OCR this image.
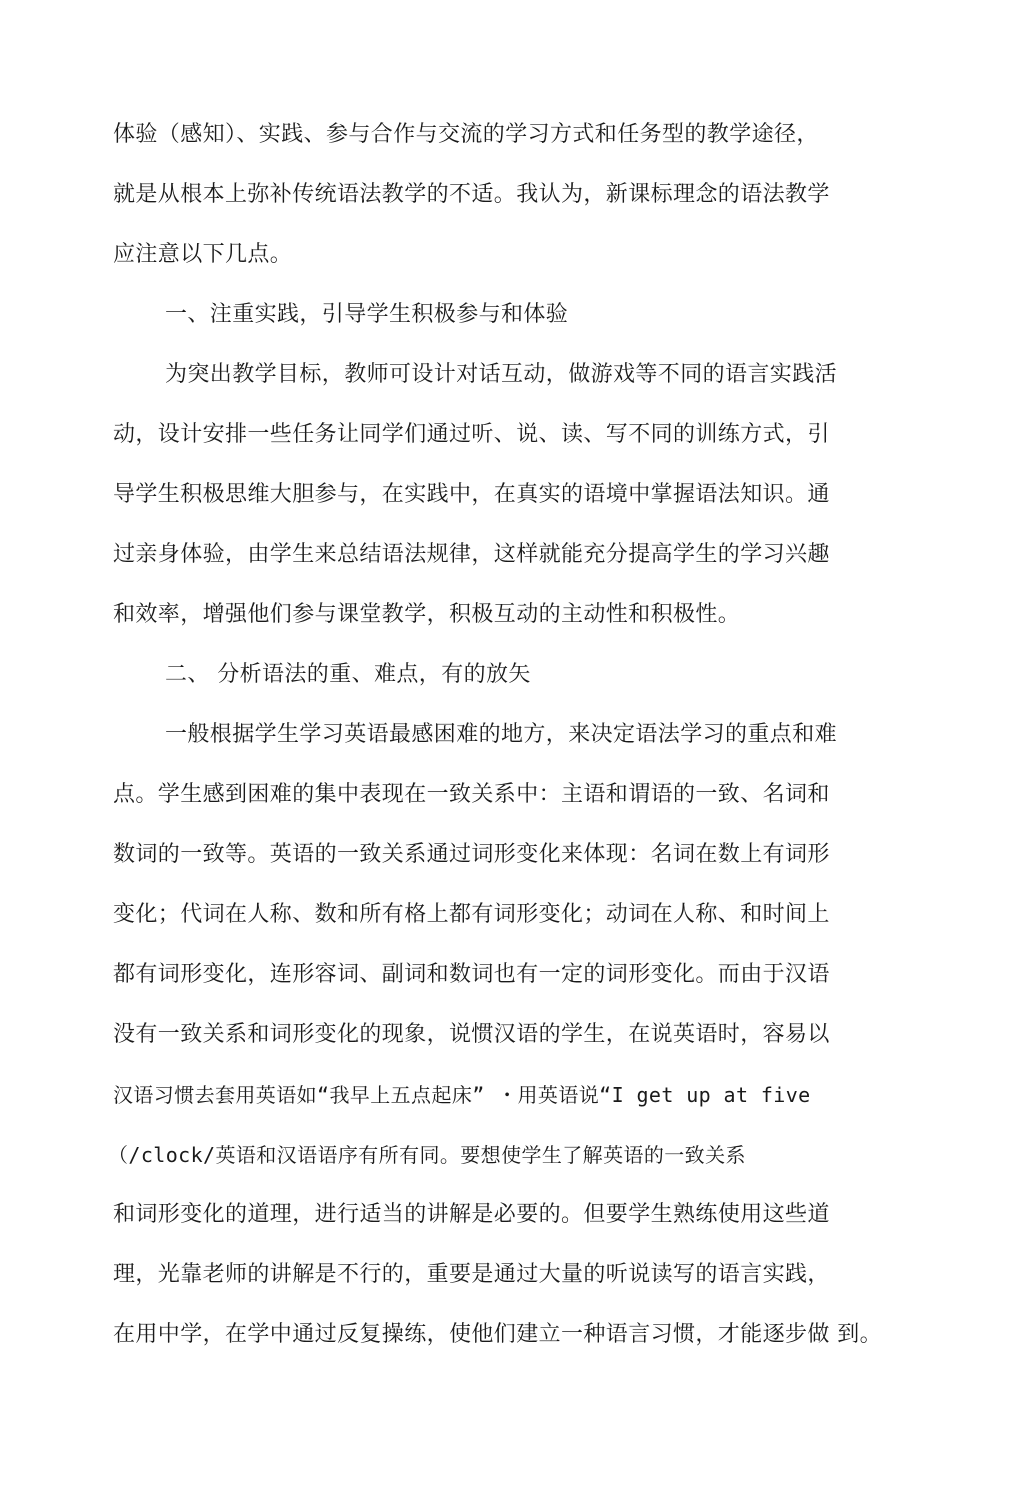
体验（感知）、实践、参与合作与交流的学习方式和任务型的教学途径，
就是从根本上弥补传统语法教学的不适。我认为，新课标理念的语法教学
应注意以下几点。
一、注重实践，引导学生积极参与和体验
为突出教学目标，教师可设计对话互动，做游戏等不同的语言实践活
动，设计安排一些任务让同学们通过听、说、读、写不同的训练方式，引
导学生积极思维大胆参与，在实践中，在真实的语境中掌握语法知识。通
过亲身体验，由学生来总结语法规律，这样就能充分提高学生的学习兴趣
和效率，增强他们参与课堂教学，积极互动的主动性和积极性。
二、 分析语法的重、难点，有的放矢
一般根据学生学习英语最感困难的地方，来决定语法学习的重点和难
点。学生感到困难的集中表现在一致关系中：主语和谓语的一致、名词和
数词的一致等。英语的一致关系通过词形变化来体现：名词在数上有词形
变化；代词在人称、数和所有格上都有词形变化；动词在人称、和时间上
都有词形变化，连形容词、副词和数词也有一定的词形变化。而由于汉语
没有一致关系和词形变化的现象，说惯汉语的学生，在说英语时，容易以
汉语习惯去套用英语如“我早上五点起床” ・用英语说“I get up at five
（/clock/英语和汉语语序有所有同。要想使学生了解英语的一致关系
和词形变化的道理，进行适当的讲解是必要的。但要学生熟练使用这些道
理，光靠老师的讲解是不行的，重要是通过大量的听说读写的语言实践，
在用中学，在学中通过反复操练，使他们建立一种语言习惯，才能逐步做 到。
